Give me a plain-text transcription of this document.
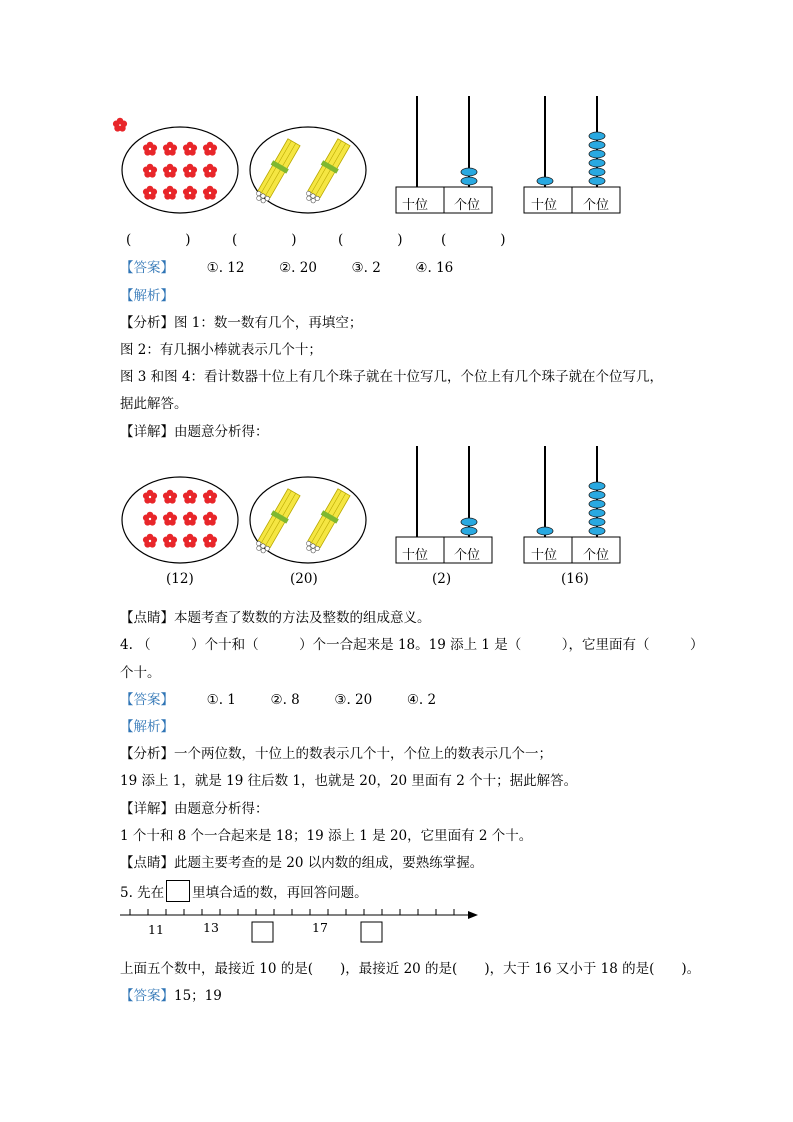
十位 个位	十位 个位
(　　　　)	(　　　　)	(　　　　)	(　　　　)
【答案】 ①. 12	②. 20	③. 2	④. 16
【解析】
【分析】图 1：数一数有几个，再填空；
图 2：有几捆小棒就表示几个十；
图 3 和图 4：看计数器十位上有几个珠子就在十位写几，个位上有几个珠子就在个位写几，
据此解答。
【详解】由题意分析得：
十位 个位	十位 个位
(12)	(20)	(2)	(16)
【点睛】本题考查了数数的方法及整数的组成意义。
4. （　　　）个十和（　　　）个一合起来是 18。19 添上 1 是（　　　），它里面有（　　　）
个十。
【答案】 ①. 1	②. 8	③. 20	④. 2
【解析】
【分析】一个两位数，十位上的数表示几个十，个位上的数表示几个一；
19 添上 1，就是 19 往后数 1，也就是 20，20 里面有 2 个十；据此解答。
【详解】由题意分析得：
1 个十和 8 个一合起来是 18；19 添上 1 是 20，它里面有 2 个十。
【点睛】此题主要考查的是 20 以内数的组成，要熟练掌握。
5. 先在 里填合适的数，再回答问题。
11	13	17
上面五个数中，最接近 10 的是(　　)，最接近 20 的是(　　)，大于 16 又小于 18 的是(　　)。
【答案】15；19
